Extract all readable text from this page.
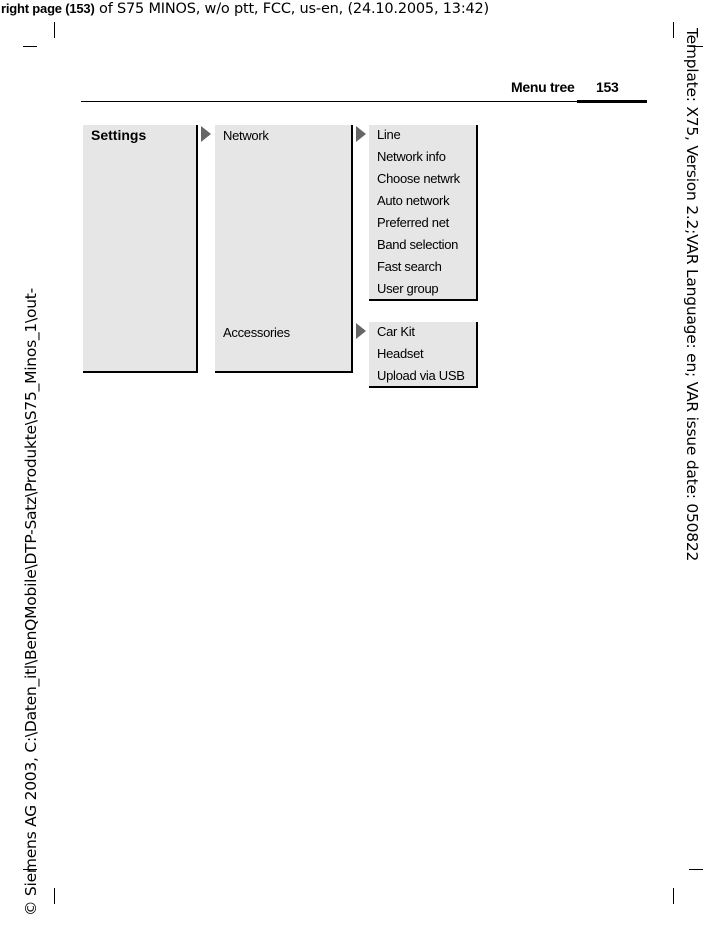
right page (153) of S75 MINOS, w/o ptt, FCC, us-en, (24.10.2005, 13:42)
Menu tree 153
© Siemens AG 2003, C:\Daten_itl\BenQMobile\DTP-Satz\Produkte\S75_Minos_1\out-	Template: X75, Version 2.2;VAR Language: en; VAR issue date: 050822
Settings	Network
Accessories
Line
Network info
Choose netwrk
Auto network
Preferred net
Band selection
Fast search
User group
Car Kit
Headset
Upload via USB
